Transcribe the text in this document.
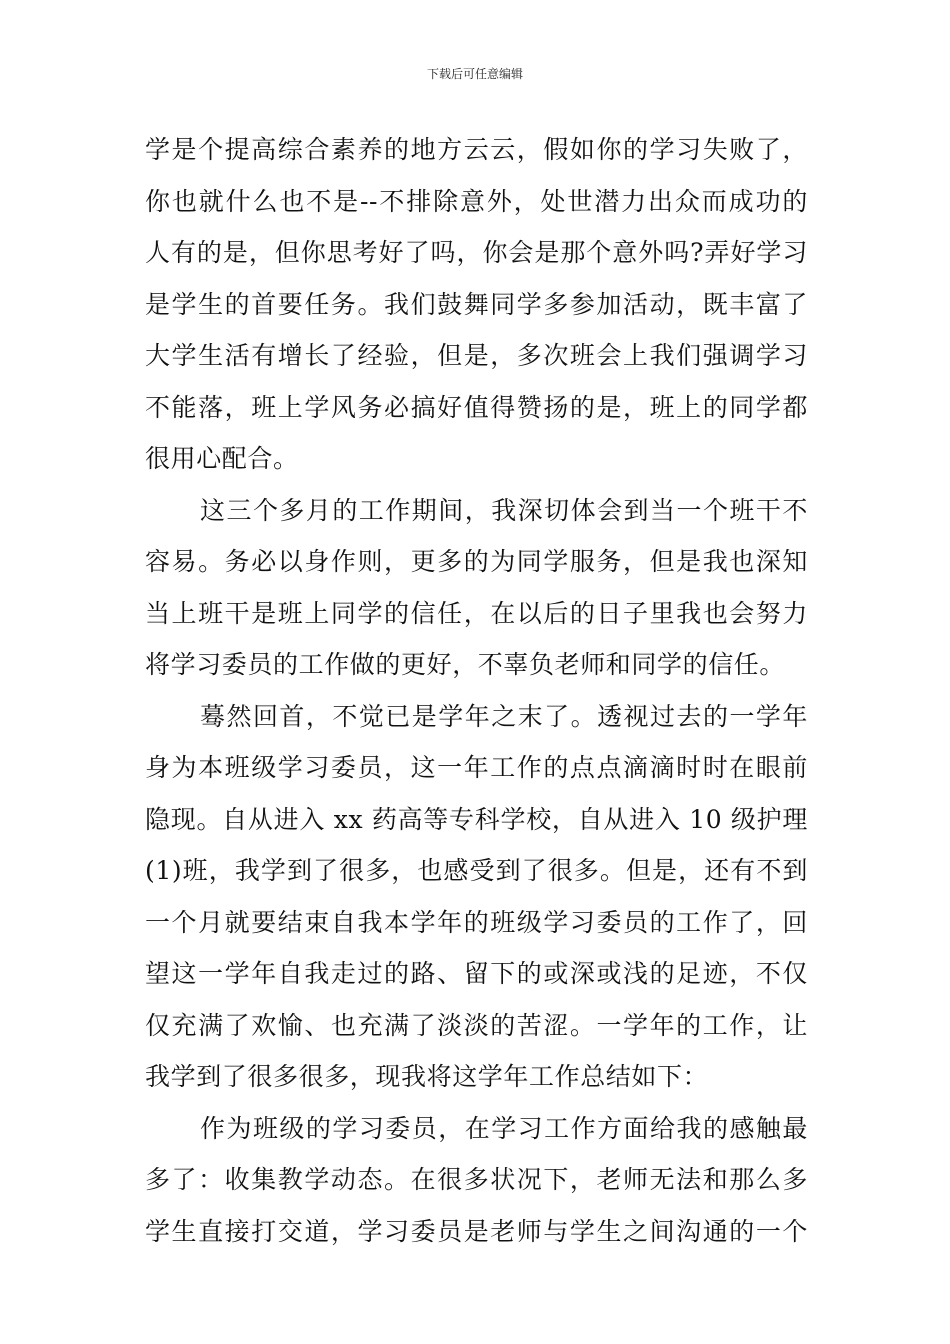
下载后可任意编辑
学是个提高综合素养的地方云云，假如你的学习失败了，
你也就什么也不是--不排除意外，处世潜力出众而成功的
人有的是，但你思考好了吗，你会是那个意外吗?弄好学习
是学生的首要任务。我们鼓舞同学多参加活动，既丰富了
大学生活有增长了经验，但是，多次班会上我们强调学习
不能落，班上学风务必搞好值得赞扬的是，班上的同学都
很用心配合。
这三个多月的工作期间，我深切体会到当一个班干不
容易。务必以身作则，更多的为同学服务，但是我也深知
当上班干是班上同学的信任，在以后的日子里我也会努力
将学习委员的工作做的更好，不辜负老师和同学的信任。
蓦然回首，不觉已是学年之末了。透视过去的一学年
身为本班级学习委员，这一年工作的点点滴滴时时在眼前
隐现。自从进入 xx 药高等专科学校，自从进入 10 级护理
(1)班，我学到了很多，也感受到了很多。但是，还有不到
一个月就要结束自我本学年的班级学习委员的工作了，回
望这一学年自我走过的路、留下的或深或浅的足迹，不仅
仅充满了欢愉、也充满了淡淡的苦涩。一学年的工作，让
我学到了很多很多，现我将这学年工作总结如下：
作为班级的学习委员，在学习工作方面给我的感触最
多了：收集教学动态。在很多状况下，老师无法和那么多
学生直接打交道，学习委员是老师与学生之间沟通的一个
